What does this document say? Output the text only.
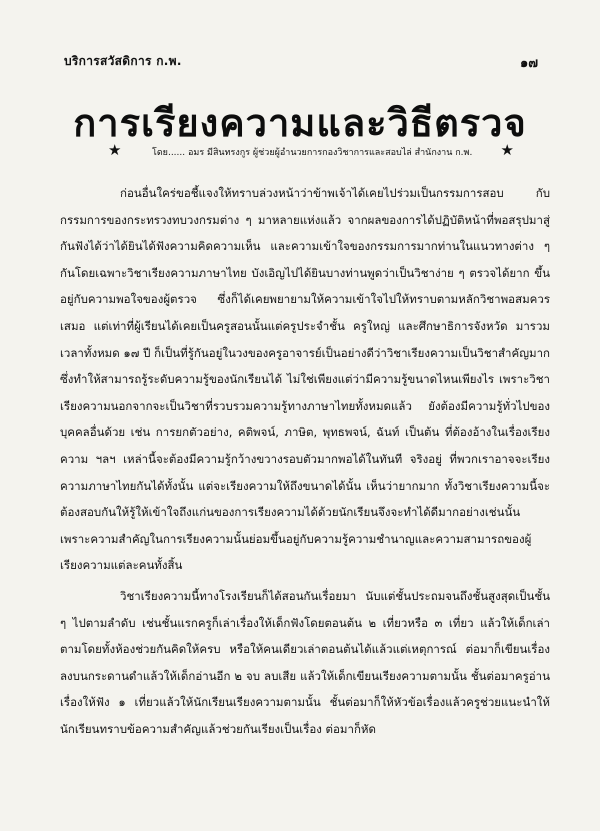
บริการสวัสดิการ ก.พ.	๑๗
การเรียงความและวิธีตรวจ
★	โดย...... อมร มีสินทรงกูร ผู้ช่วยผู้อำนวยการกองวิชาการและสอบไล่ สำนักงาน ก.พ.	★

ก่อนอื่นใคร่ขอชี้แจงให้ทราบล่วงหน้าว่าข้าพเจ้าได้เคยไปร่วมเป็นกรรมการสอบ กับกรรมการของกระทรวงทบวงกรมต่าง ๆ มาหลายแห่งแล้ว จากผลของการได้ปฏิบัติหน้าที่พอสรุปมาสู่กันฟังได้ว่าได้ยินได้ฟังความคิดความเห็น และความเข้าใจของกรรมการมากท่านในแนวทางต่าง ๆ กันโดยเฉพาะวิชาเรียงความภาษาไทย บังเอิญไปได้ยินบางท่านพูดว่าเป็นวิชาง่าย ๆ ตรวจได้ยาก ขึ้นอยู่กับความพอใจของผู้ตรวจ ซึ่งก็ได้เคยพยายามให้ความเข้าใจไปให้ทราบตามหลักวิชาพอสมควรเสมอ แต่เท่าที่ผู้เรียนได้เคยเป็นครูสอนนั้นแต่ครูประจำชั้น ครูใหญ่ และศึกษาธิการจังหวัด มารวมเวลาทั้งหมด ๑๗ ปี ก็เป็นที่รู้กันอยู่ในวงของครูอาจารย์เป็นอย่างดีว่าวิชาเรียงความเป็นวิชาสำคัญมาก ซึ่งทำให้สามารถรู้ระดับความรู้ของนักเรียนได้ ไม่ใช่เพียงแต่ว่ามีความรู้ขนาดไหนเพียงไร เพราะวิชาเรียงความนอกจากจะเป็นวิชาที่รวบรวมความรู้ทางภาษาไทยทั้งหมดแล้ว ยังต้องมีความรู้ทั่วไปของบุคคลอื่นด้วย เช่น การยกตัวอย่าง, คติพจน์, ภาษิต, พุทธพจน์, ฉันท์ เป็นต้น ที่ต้องอ้างในเรื่องเรียงความ ฯลฯ เหล่านี้จะต้องมีความรู้กว้างขวางรอบตัวมากพอได้ในทันที จริงอยู่ ที่พวกเราอาจจะเรียงความภาษาไทยกันได้ทั้งนั้น แต่จะเรียงความให้ถึงขนาดได้นั้น เห็นว่ายากมาก ทั้งวิชาเรียงความนี้จะต้องสอบกันให้รู้ให้เข้าใจถึงแก่นของการเรียงความได้ด้วยนักเรียนจึงจะทำได้ดีมากอย่างเช่นนั้น เพราะความสำคัญในการเรียงความนั้นย่อมขึ้นอยู่กับความรู้ความชำนาญและความสามารถของผู้เรียงความแต่ละคนทั้งสิ้น

วิชาเรียงความนี้ทางโรงเรียนก็ได้สอนกันเรื่อยมา นับแต่ชั้นประถมจนถึงชั้นสูงสุดเป็นชั้น ๆ ไปตามลำดับ เช่นชั้นแรกครูก็เล่าเรื่องให้เด็กฟังโดยตอนต้น ๒ เที่ยวหรือ ๓ เที่ยว แล้วให้เด็กเล่าตามโดยทั้งห้องช่วยกันคิดให้ครบ หรือให้คนเดียวเล่าตอนต้นได้แล้วแต่เหตุการณ์ ต่อมาก็เขียนเรื่องลงบนกระดานดำแล้วให้เด็กอ่านอีก ๒ จบ ลบเสีย แล้วให้เด็กเขียนเรียงความตามนั้น ชั้นต่อมาครูอ่านเรื่องให้ฟัง ๑ เที่ยวแล้วให้นักเรียนเรียงความตามนั้น ชั้นต่อมาก็ให้หัวข้อเรื่องแล้วครูช่วยแนะนำให้นักเรียนทราบข้อความสำคัญแล้วช่วยกันเรียงเป็นเรื่อง ต่อมาก็หัด
